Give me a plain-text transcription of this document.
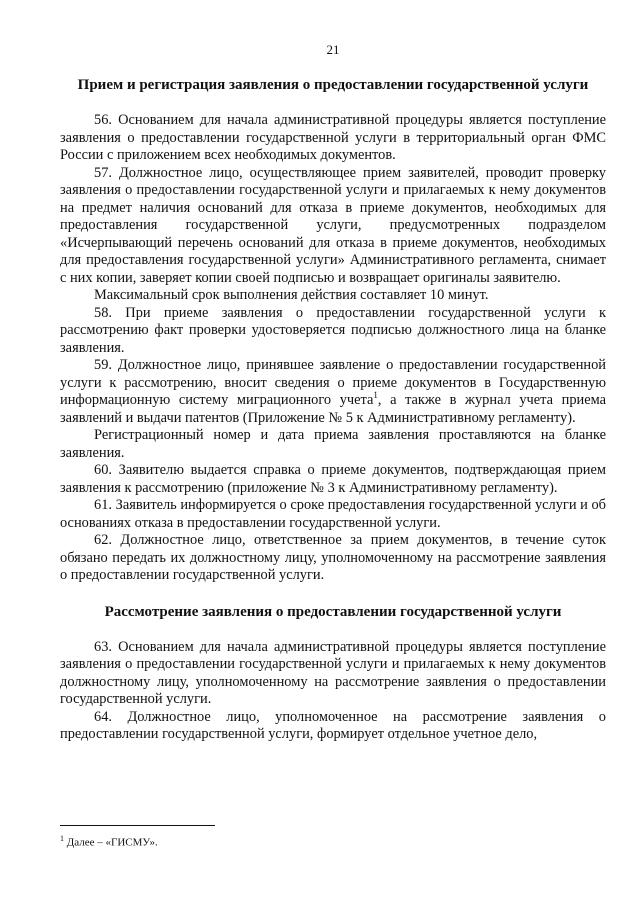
21
Прием и регистрация заявления о предоставлении государственной услуги

56. Основанием для начала административной процедуры является поступление заявления о предоставлении государственной услуги в территориальный орган ФМС России с приложением всех необходимых документов.

57. Должностное лицо, осуществляющее прием заявителей, проводит проверку заявления о предоставлении государственной услуги и прилагаемых к нему документов на предмет наличия оснований для отказа в приеме документов, необходимых для предоставления государственной услуги, предусмотренных подразделом «Исчерпывающий перечень оснований для отказа в приеме документов, необходимых для предоставления государственной услуги» Административного регламента, снимает с них копии, заверяет копии своей подписью и возвращает оригиналы заявителю.

Максимальный срок выполнения действия составляет 10 минут.

58. При приеме заявления о предоставлении государственной услуги к рассмотрению факт проверки удостоверяется подписью должностного лица на бланке заявления.

59. Должностное лицо, принявшее заявление о предоставлении государственной услуги к рассмотрению, вносит сведения о приеме документов в Государственную информационную систему миграционного учета$^1$, а также в журнал учета приема заявлений и выдачи патентов (Приложение № 5 к Административному регламенту).

Регистрационный номер и дата приема заявления проставляются на бланке заявления.

60. Заявителю выдается справка о приеме документов, подтверждающая прием заявления к рассмотрению (приложение № 3 к Административному регламенту).

61. Заявитель информируется о сроке предоставления государственной услуги и об основаниях отказа в предоставлении государственной услуги.

62. Должностное лицо, ответственное за прием документов, в течение суток обязано передать их должностному лицу, уполномоченному на рассмотрение заявления о предоставлении государственной услуги.

Рассмотрение заявления о предоставлении государственной услуги

63. Основанием для начала административной процедуры является поступление заявления о предоставлении государственной услуги и прилагаемых к нему документов должностному лицу, уполномоченному на рассмотрение заявления о предоставлении государственной услуги.

64. Должностное лицо, уполномоченное на рассмотрение заявления о предоставлении государственной услуги, формирует отдельное учетное дело,

$^1$ Далее – «ГИСМУ».
